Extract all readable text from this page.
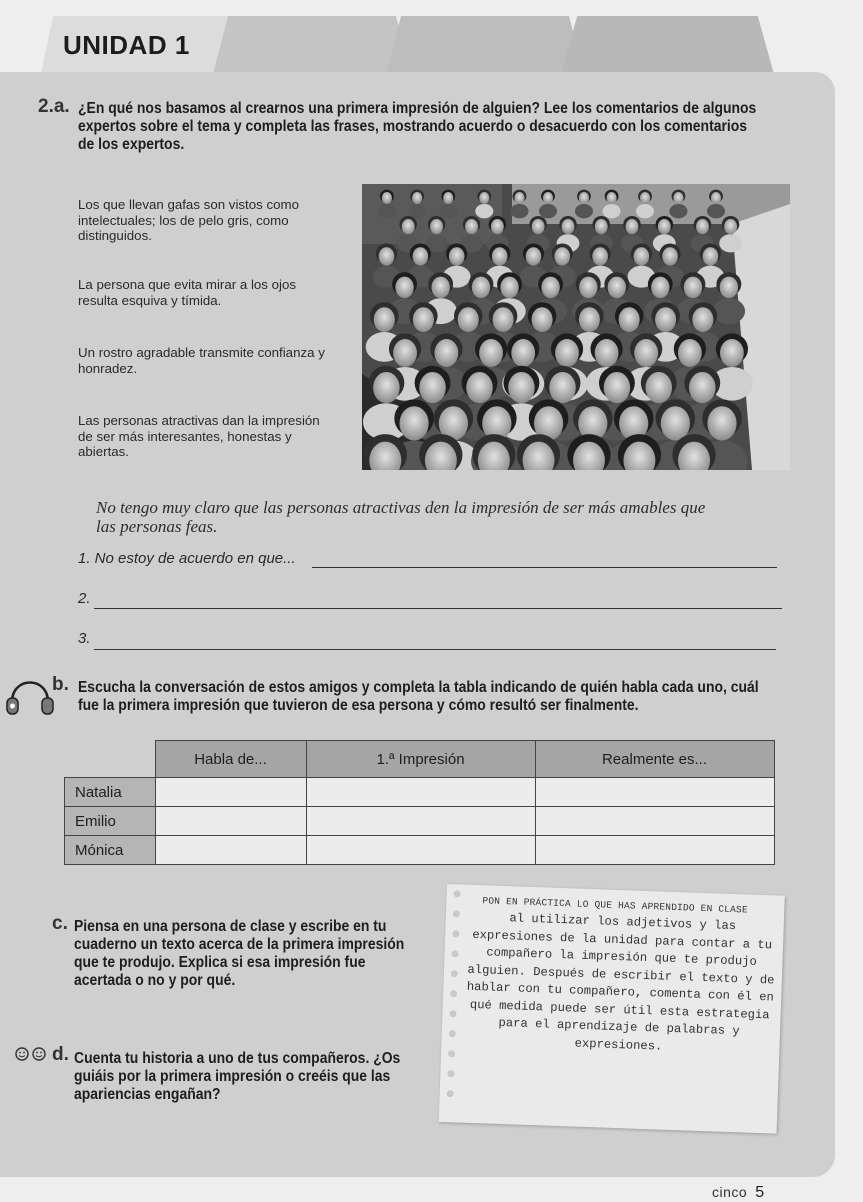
UNIDAD 1
2.a. ¿En qué nos basamos al crearnos una primera impresión de alguien? Lee los comentarios de algunos expertos sobre el tema y completa las frases, mostrando acuerdo o desacuerdo con los comentarios de los expertos.
Los que llevan gafas son vistos como intelectuales; los de pelo gris, como distinguidos.
La persona que evita mirar a los ojos resulta esquiva y tímida.
Un rostro agradable transmite confianza y honradez.
Las personas atractivas dan la impresión de ser más interesantes, honestas y abiertas.
No tengo muy claro que las personas atractivas den la impresión de ser más amables que las personas feas.
1. No estoy de acuerdo en que...
2.
3.
b. Escucha la conversación de estos amigos y completa la tabla indicando de quién habla cada uno, cuál fue la primera impresión que tuvieron de esa persona y cómo resultó ser finalmente.
	Habla de...	1.ª Impresión	Realmente es...
Natalia			
Emilio			
Mónica			
c. Piensa en una persona de clase y escribe en tu cuaderno un texto acerca de la primera impresión que te produjo. Explica si esa impresión fue acertada o no y por qué.
d. Cuenta tu historia a uno de tus compañeros. ¿Os guiáis por la primera impresión o creéis que las apariencias engañan?
PON EN PRÁCTICA LO QUE HAS APRENDIDO EN CLASE
al utilizar los adjetivos y las expresiones de la unidad para contar a tu compañero la impresión que te produjo alguien. Después de escribir el texto y de hablar con tu compañero, comenta con él en qué medida puede ser útil esta estrategia para el aprendizaje de palabras y expresiones.
cinco 5
